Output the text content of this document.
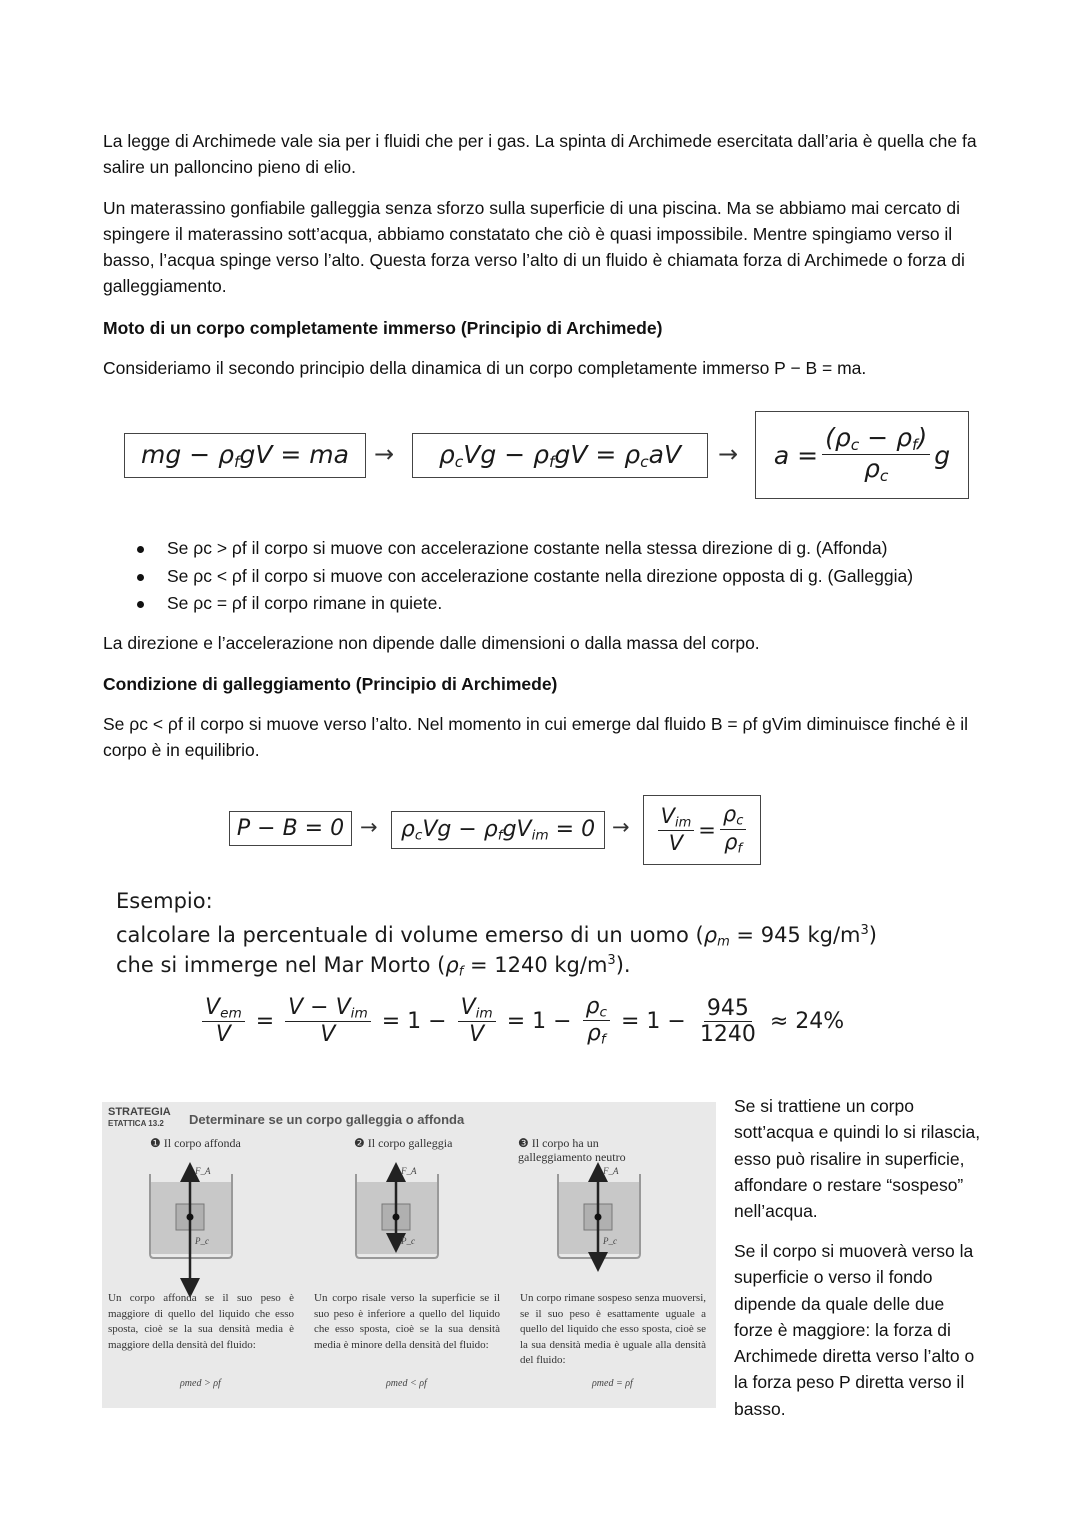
La legge di Archimede vale sia per i fluidi che per i gas. La spinta di Archimede esercitata dall’aria è quella che fa salire un palloncino pieno di elio.
Un materassino gonfiabile galleggia senza sforzo sulla superficie di una piscina. Ma se abbiamo mai cercato di spingere il materassino sott’acqua, abbiamo constatato che ciò è quasi impossibile. Mentre spingiamo verso il basso, l’acqua spinge verso l’alto. Questa forza verso l’alto di un fluido è chiamata forza di Archimede o forza di galleggiamento.
Moto di un corpo completamente immerso (Principio di Archimede)
Consideriamo il secondo principio della dinamica di un corpo completamente immerso P − B = ma.
mg − $\rho_fgV$ = ma → $\rho_cVg - \rho_fgV = \rho_caV \to a = \frac{(\rho_c - \rho_f)}{\rho_c}$ g
Se ρc > ρf il corpo si muove con accelerazione costante nella stessa direzione di g. (Affonda)
Se ρc < ρf il corpo si muove con accelerazione costante nella direzione opposta di g. (Galleggia)
Se ρc = ρf il corpo rimane in quiete.
La direzione e l’accelerazione non dipende dalle dimensioni o dalla massa del corpo.
Condizione di galleggiamento (Principio di Archimede)
Se ρc < ρf il corpo si muove verso l’alto. Nel momento in cui emerge dal fluido B = ρf gVim diminuisce finché è il corpo è in equilibrio.
$P - B = 0 \to \rho_cVg - \rho_fgV_{im} = 0 \to \frac{V_{im}}{V} = \frac{\rho_c}{\rho_f}$
Esempio:
calcolare la percentuale di volume emerso di un uomo ($\rho_m = 945$ $kg/m^3$)
che si immerge nel Mar Morto ($\rho_f = 1240$ $kg/m^3$).
$\frac{V_{em}}{V} = \frac{V - V_{im}}{V} = 1 - \frac{V_{im}}{V} = 1 - \frac{\rho_c}{\rho_f} = 1 - \frac{945}{1240}$
≈ 24%
STRATEGIA
ETATTICA 13.2 Determinare se un corpo galleggia o affonda
❶ Il corpo affonda	❷ Il corpo galleggia	❸ Il corpo ha un galleggiamento neutro
F_A
P_c
F_A
P_c
F_A
P_c
Un corpo affonda se il suo peso è maggiore di quello del liquido che esso sposta, cioè se la sua densità media è maggiore della densità del fluido:
Un corpo risale verso la superficie se il suo peso è inferiore a quello del liquido che esso sposta, cioè se la sua densità media è minore della densità del fluido:
Un corpo rimane sospeso senza muoversi, se il suo peso è esattamente uguale a quello del liquido che esso sposta, cioè se la sua densità media è uguale alla densità del fluido:
ρmed > ρf	ρmed < ρf	ρmed = ρf
Se si trattiene un corpo sott’acqua e quindi lo si rilascia, esso può risalire in superficie, affondare o restare “sospeso” nell’acqua.
Se il corpo si muoverà verso la superficie o verso il fondo dipende da quale delle due forze è maggiore: la forza di Archimede diretta verso l’alto o la forza peso P diretta verso il basso.
